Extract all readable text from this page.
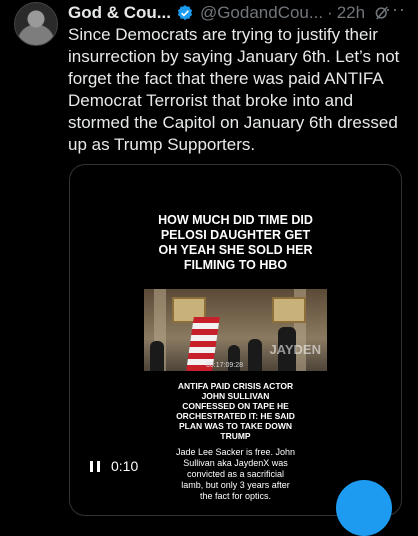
God & Cou... @GodandCou... · 22h ···
Since Democrats are trying to justify their insurrection by saying January 6th. Let’s not forget the fact that there was paid ANTIFA Democrat Terrorist that broke into and stormed the Capitol on January 6th dressed up as Trump Supporters.
HOW MUCH DID TIME DID
PELOSI DAUGHTER GET
OH YEAH SHE SOLD HER
FILMING TO HBO
JAYDEN
00:17:09:28
ANTIFA PAID CRISIS ACTOR
JOHN SULLIVAN
CONFESSED ON TAPE HE
ORCHESTRATED IT: HE SAID
PLAN WAS TO TAKE DOWN
TRUMP
Jade Lee Sacker is free. John
Sullivan aka JaydenX was
convicted as a sacrificial
lamb, but only 3 years after
the fact for optics.
0:10
